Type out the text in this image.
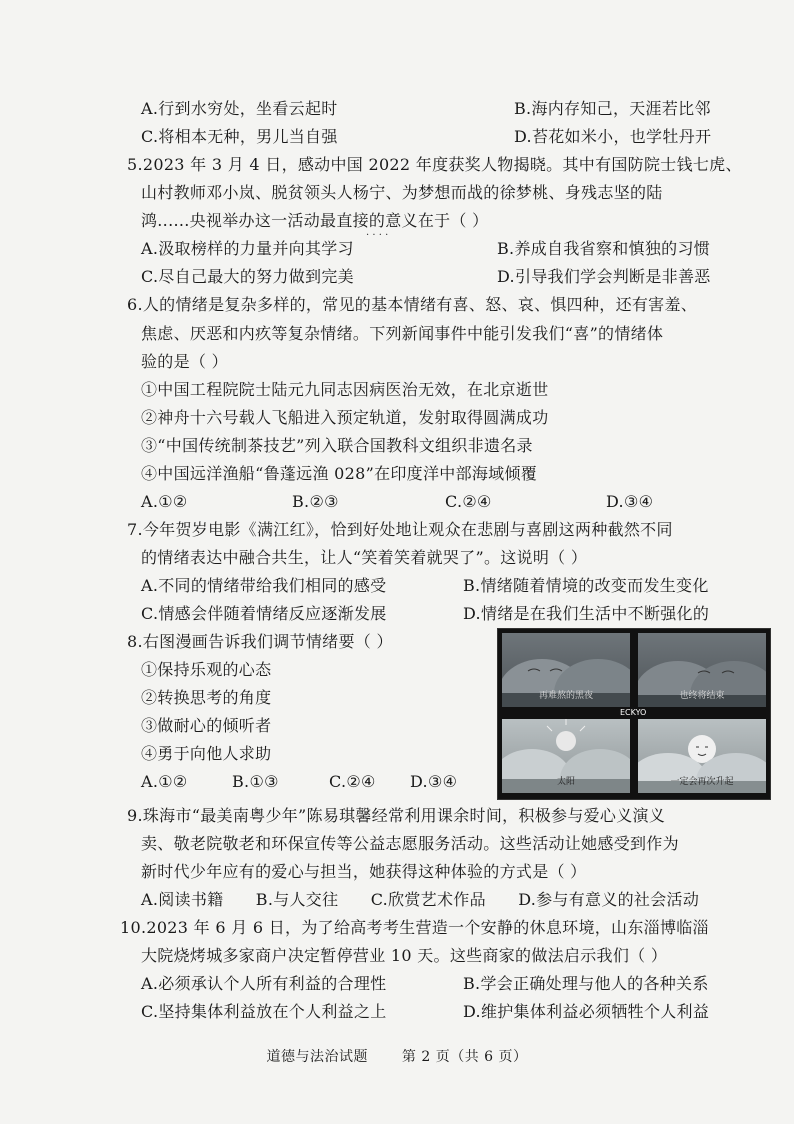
A.行到水穷处，坐看云起时	B.海内存知己，天涯若比邻
C.将相本无种，男儿当自强	D.苔花如米小，也学牡丹开
5.2023 年 3 月 4 日，感动中国 2022 年度获奖人物揭晓。其中有国防院士钱七虎、
山村教师邓小岚、脱贫领头人杨宁、为梦想而战的徐梦桃、身残志坚的陆
鸿......央视举办这一活动最直接的意义在于（ ）
· · · ·
A.汲取榜样的力量并向其学习	B.养成自我省察和慎独的习惯
C.尽自己最大的努力做到完美	D.引导我们学会判断是非善恶
6.人的情绪是复杂多样的，常见的基本情绪有喜、怒、哀、惧四种，还有害羞、
焦虑、厌恶和内疚等复杂情绪。下列新闻事件中能引发我们“喜”的情绪体
验的是（ ）
①中国工程院院士陆元九同志因病医治无效，在北京逝世
②神舟十六号载人飞船进入预定轨道，发射取得圆满成功
③“中国传统制茶技艺”列入联合国教科文组织非遗名录
④中国远洋渔船“鲁蓬远渔 028”在印度洋中部海域倾覆
A.①②	B.②③	C.②④	D.③④
7.今年贺岁电影《满江红》，恰到好处地让观众在悲剧与喜剧这两种截然不同
的情绪表达中融合共生，让人“笑着笑着就哭了”。这说明（ ）
A.不同的情绪带给我们相同的感受	B.情绪随着情境的改变而发生变化
C.情感会伴随着情绪反应逐渐发展	D.情绪是在我们生活中不断强化的
8.右图漫画告诉我们调节情绪要（ ）
①保持乐观的心态
②转换思考的角度
③做耐心的倾听者
④勇于向他人求助
A.①②	B.①③	C.②④ D.③④
再难熬的黑夜	也终将结束
ECKYO
太阳	一定会再次升起
9.珠海市“最美南粤少年”陈易琪馨经常利用课余时间，积极参与爱心义演义
卖、敬老院敬老和环保宣传等公益志愿服务活动。这些活动让她感受到作为
新时代少年应有的爱心与担当，她获得这种体验的方式是（ ）
A.阅读书籍      B.与人交往      C.欣赏艺术作品      D.参与有意义的社会活动
10.2023 年 6 月 6 日，为了给高考考生营造一个安静的休息环境，山东淄博临淄
大院烧烤城多家商户决定暂停营业 10 天。这些商家的做法启示我们（ ）
A.必须承认个人所有利益的合理性	B.学会正确处理与他人的各种关系
C.坚持集体利益放在个人利益之上	D.维护集体利益必须牺牲个人利益
道德与法治试题 第 2 页（共 6 页）
